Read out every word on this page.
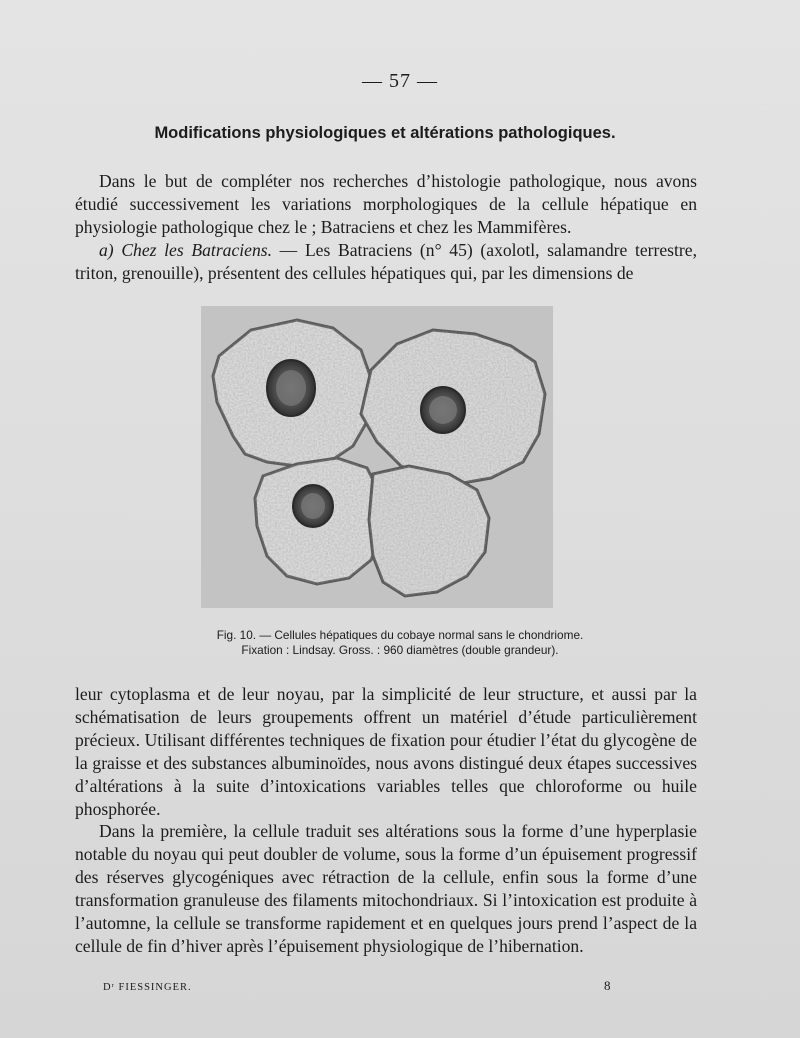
— 57 —
Modifications physiologiques et altérations pathologiques.

Dans le but de compléter nos recherches d’histologie pathologique, nous avons étudié successivement les variations morphologiques de la cellule hépatique en physiologie pathologique chez le ; Batraciens et chez les Mammifères.

a) Chez les Batraciens. — Les Batraciens (n° 45) (axolotl, salamandre terrestre, triton, grenouille), présentent des cellules hépatiques qui, par les dimensions de

Fig. 10. — Cellules hépatiques du cobaye normal sans le chondriome.
Fixation : Lindsay. Gross. : 960 diamètres (double grandeur).

leur cytoplasma et de leur noyau, par la simplicité de leur structure, et aussi par la schématisation de leurs groupements offrent un matériel d’étude particulièrement précieux. Utilisant différentes techniques de fixation pour étudier l’état du glycogène de la graisse et des substances albuminoïdes, nous avons distingué deux étapes successives d’altérations à la suite d’intoxications variables telles que chloroforme ou huile phosphorée.

Dans la première, la cellule traduit ses altérations sous la forme d’une hyperplasie notable du noyau qui peut doubler de volume, sous la forme d’un épuisement progressif des réserves glycogéniques avec rétraction de la cellule, enfin sous la forme d’une transformation granuleuse des filaments mitochondriaux. Si l’intoxication est produite à l’automne, la cellule se transforme rapidement et en quelques jours prend l’aspect de la cellule de fin d’hiver après l’épuisement physiologique de l’hibernation.

Dʳ FIESSINGER.	8
